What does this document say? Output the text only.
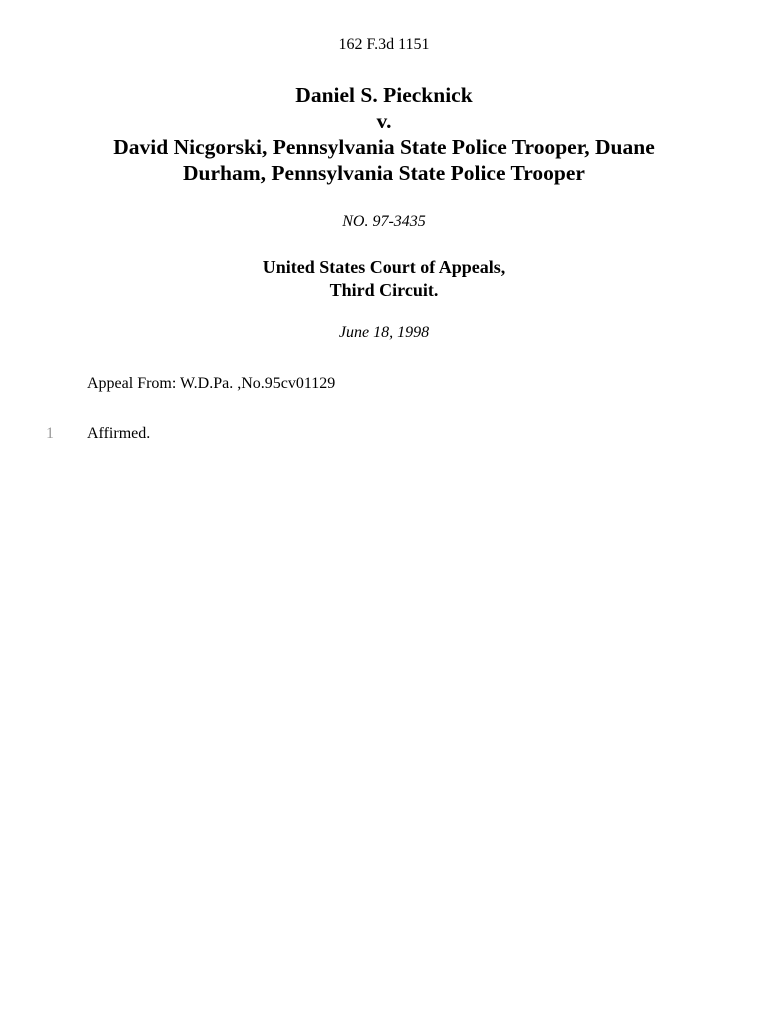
162 F.3d 1151
Daniel S. Piecknick
v.
David Nicgorski, Pennsylvania State Police Trooper, Duane
Durham, Pennsylvania State Police Trooper
NO. 97-3435
United States Court of Appeals,
Third Circuit.
June 18, 1998
Appeal From: W.D.Pa. ,No.95cv01129
1 Affirmed.
